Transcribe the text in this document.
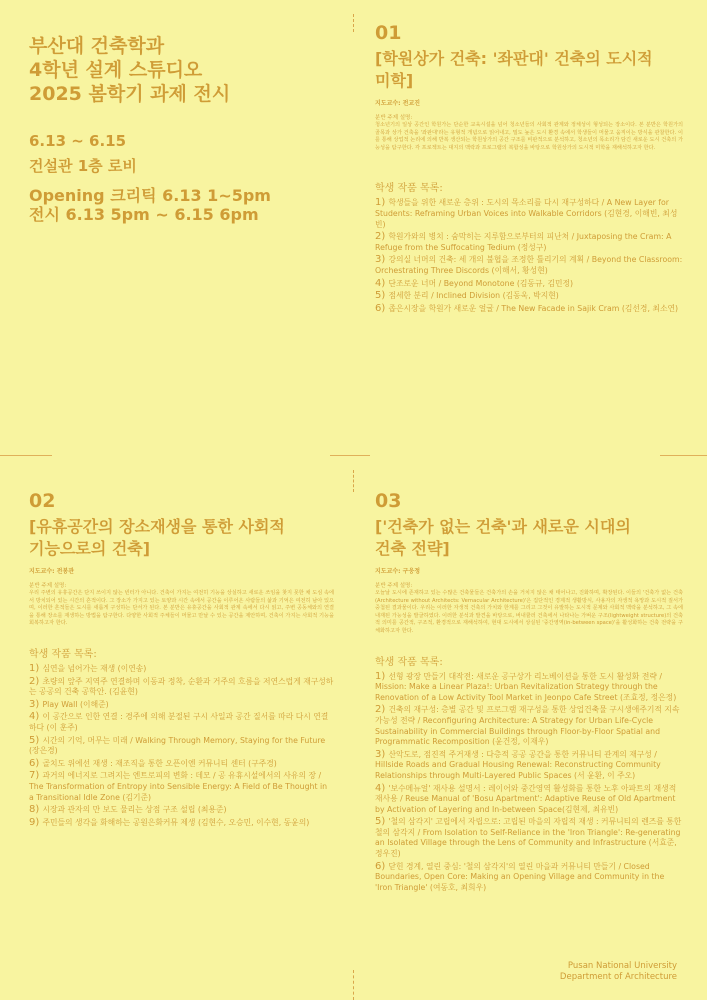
부산대 건축학과
4학년 설계 스튜디오
2025 봄학기 과제 전시
6.13 ~ 6.15
건설관 1층 로비
Opening 크리틱 6.13 1~5pm
전시 6.13 5pm ~ 6.15 6pm
01
[학원상가 건축: '좌판대' 건축의 도시적
미학]
지도교수: 전교진
분반 주제 설명:
청소년기의 일상 공간인 학원가는 단순한 교육시설을 넘어 청소년들의 사회적 관계와 정체성이 형성되는 장소이다. 본 분반은 학원가의 골목과 상가 건축을 '좌판대'라는 유형적 개념으로 읽어내고, 밀도 높은 도시 환경 속에서 학생들이 머물고 움직이는 방식을 관찰한다. 이를 통해 상업적 논리에 의해 반복 생산되는 학원상가의 공간 구조를 비판적으로 분석하고, 청소년의 목소리가 담긴 새로운 도시 건축의 가능성을 탐구한다. 각 프로젝트는 대지의 맥락과 프로그램의 복합성을 바탕으로 학원상가의 도시적 미학을 재해석하고자 한다.
학생 작품 목록:
1) 학생들을 위한 새로운 층위 : 도시의 목소리를 다시 재구성하다 / A New Layer for Students: Reframing Urban Voices into Walkable Corridors (김현경, 이해빈, 최성빈)
2) 학원가와의 병치 : 숨막히는 지루함으로부터의 피난처 / Juxtaposing the Cram: A Refuge from the Suffocating Tedium (정성구)
3) 강의실 너머의 건축: 세 개의 불협을 조정한 틀리기의 계획 / Beyond the Classroom: Orchestrating Three Discords (이해서, 황성현)
4) 단조로운 너머 / Beyond Monotone (김동규, 김민정)
5) 점세한 분리 / Inclined Division (김동욱, 박지현)
6) 좁은시장을 학원가 새로운 얼굴 / The New Facade in Sajik Cram (김선경, 최소연)
02
[유휴공간의 장소재생을 통한 사회적
기능으로의 건축]
지도교수: 전봉관
분반 주제 설명:
우리 주변의 유휴공간은 단지 쓰이지 않는 빈터가 아니다. 건축이 가지는 여전히 기능을 상실하고 새로운 쓰임을 찾지 못한 채 도심 속에서 방치되어 있는 시간의 흔적이다. 그 장소가 가지고 있는 토양과 시간 속에서 공간을 이루어온 사람들의 삶과 기억은 여전히 남아 있으며, 이러한 흔적들은 도시를 새롭게 구성하는 단서가 된다. 본 분반은 유휴공간을 사회적 관계 속에서 다시 읽고, 주변 공동체와의 연결을 통해 장소를 재생하는 방법을 탐구한다. 다양한 사회적 주체들이 머물고 만날 수 있는 공간을 제안하며, 건축이 가지는 사회적 기능을 회복하고자 한다.
학생 작품 목록:
1) 심연을 넘어가는 재생 (이연송)
2) 초량의 앞주 지역주 연결하며 이동과 정착, 순환과 거주의 흐름을 저연스럽게 재구성하는 공공의 건축 공학안. (김윤현)
3) Play Wall (이해준)
4) 이 공간으로 인한 연결 : 경주에 의해 분절된 구시 사일과 공간 질서를 따라 다시 연결하다 (이 훈주)
5) 시간의 기억, 머무는 미래 / Walking Through Memory, Staying for the Future (장은경)
6) 골치도 위에선 재생 : 재조직을 통한 오픈이엔 커뮤니티 센터 (구주경)
7) 과거의 에너지로 그려지는 엔트로피의 변화 : 데모 / 공 유휴시설에서의 사유의 장 / The Transformation of Entropy into Sensible Energy: A Field of Be Thought in a Transitional Idle Zone (김기준)
8) 시장과 관자의 만 보도 물리는 상점 구조 설립 (최용준)
9) 주민들의 생각을 화해하는 공원은화커뮤 제생 (김현수, 오승민, 이수현, 동윤의)
03
['건축가 없는 건축'과 새로운 시대의
건축 전략]
지도교수: 구웅정
분반 주제 설명:
오늘날 도시에 존재하고 있는 수많은 건축물들은 건축가의 손을 거치지 않은 채 태어나고, 진화하며, 확장된다. 이들의 '건축가 없는 건축(Architecture without Architects: Vernacular Architecture)'은 집단적인 경제적 생활방식, 사용자의 자생적 욕망과 도시적 질서가 중첩된 결과물이다. 우리는 이러한 자생적 건축의 가치와 한계를 그리고 그것이 유발하는 도시적 문제와 사회적 맥락을 분석하고, 그 속에 내재된 가능성을 발굴하였다. 이러한 분석과 발견을 바탕으로, 버내큘러 건축에서 나타나는 가벼운 구조(lightweight structure)의 건축적 의미를 공간적, 구조적, 환경적으로 재해석하여, 현대 도시에서 상실된 '중간영역(in-between space)'을 활성화하는 건축 전략을 구체화하고자 한다.
학생 작품 목록:
1) 선형 광장 만들기 대작전: 새로운 공구상가 리노베이션을 통한 도시 활성화 전략 / Mission: Make a Linear Plaza!: Urban Revitalization Strategy through the Renovation of a Low Activity Tool Market in Jeonpo Cafe Street (조효정, 정은정)
2) 건축의 재구성: 층별 공간 및 프로그램 재구성을 통한 상업건축물 구시생애주기적 지속가능성 전략 / Reconfiguring Architecture: A Strategy for Urban Life-Cycle Sustainability in Commercial Buildings through Floor-by-Floor Spatial and Programmatic Recomposition (윤건정, 이재우)
3) 산악도로, 점진적 주거재생 : 다층적 공공 공간을 통한 커뮤니티 관계의 재구성 / Hillside Roads and Gradual Housing Renewal: Reconstructing Community Relationships through Multi-Layered Public Spaces (서 윤환, 이 주오)
4) '보수메뉴얼' 재사용 설명서 : 레이어와 중간영역 활성화를 통한 노후 아파트의 재생적 재사용 / Reuse Manual of 'Bosu Apartment': Adaptive Reuse of Old Apartment by Activation of Layering and In-between Space(김현제, 최유빈)
5) '철의 삼각지' 고립에서 자립으로: 고립된 마을의 자립적 재생 : 커뮤니티의 렌즈를 통한 철의 삼각지 / From Isolation to Self-Reliance in the 'Iron Triangle': Re-generating an Isolated Village through the Lens of Community and Infrastructure (서효준, 정우진)
6) 닫힌 경계, 열린 중심: '철의 삼각지'의 열린 마을과 커뮤니티 만들기 / Closed Boundaries, Open Core: Making an Opening Village and Community in the 'Iron Triangle' (여동호, 최희우)
Pusan National University
Department of Architecture
